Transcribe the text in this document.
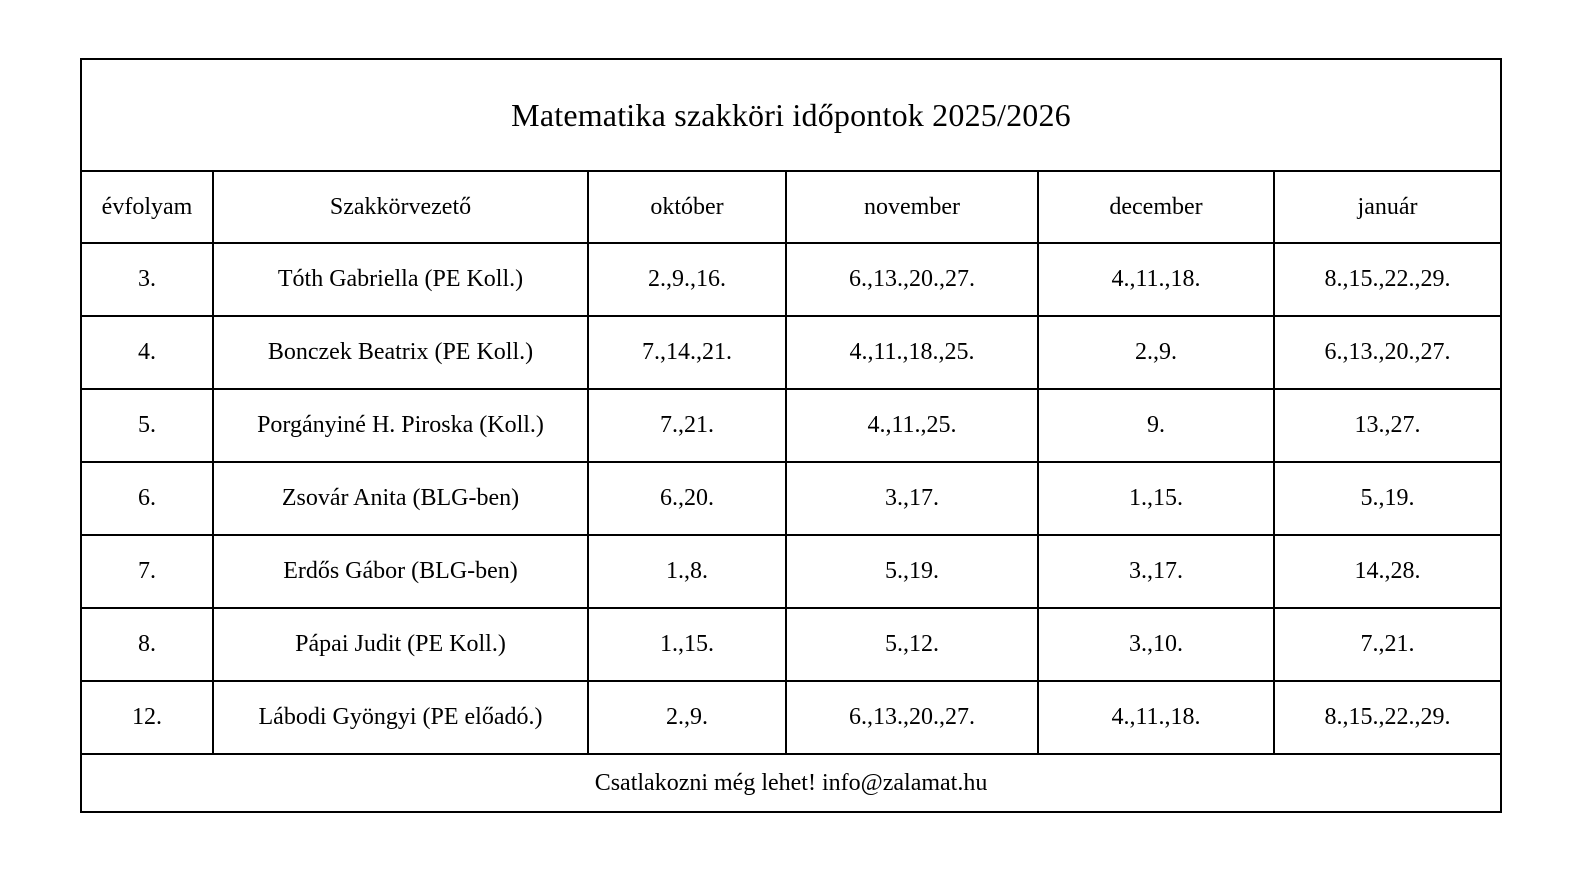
Matematika szakköri időpontok 2025/2026					
évfolyam	Szakkörvezető	október	november	december	január
3.	Tóth Gabriella (PE Koll.)	2.,9.,16.	6.,13.,20.,27.	4.,11.,18.	8.,15.,22.,29.
4.	Bonczek Beatrix (PE Koll.)	7.,14.,21.	4.,11.,18.,25.	2.,9.	6.,13.,20.,27.
5.	Porgányiné H. Piroska (Koll.)	7.,21.	4.,11.,25.	9.	13.,27.
6.	Zsovár Anita (BLG-ben)	6.,20.	3.,17.	1.,15.	5.,19.
7.	Erdős Gábor (BLG-ben)	1.,8.	5.,19.	3.,17.	14.,28.
8.	Pápai Judit (PE Koll.)	1.,15.	5.,12.	3.,10.	7.,21.
12.	Lábodi Gyöngyi (PE előadó.)	2.,9.	6.,13.,20.,27.	4.,11.,18.	8.,15.,22.,29.
Csatlakozni még lehet! info@zalamat.hu					
